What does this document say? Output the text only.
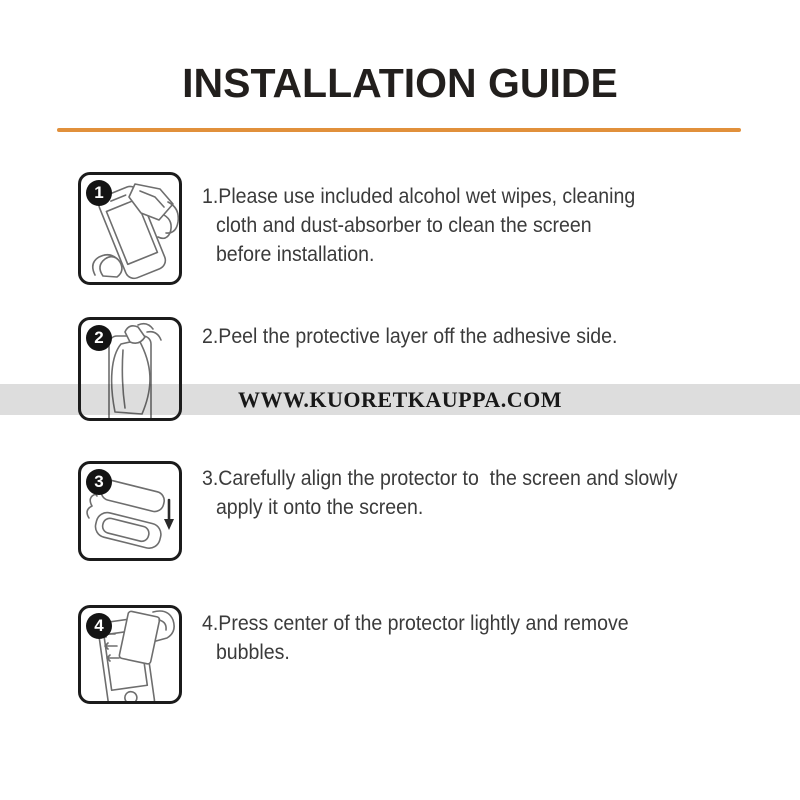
INSTALLATION GUIDE
1	1.Please use included alcohol wet wipes, cleaning
cloth and dust-absorber to clean the screen
before installation.
2	2.Peel the protective layer off the adhesive side.
3	3.Carefully align the protector to  the screen and slowly
apply it onto the screen.
4	4.Press center of the protector lightly and remove
bubbles.
WWW.KUORETKAUPPA.COM
